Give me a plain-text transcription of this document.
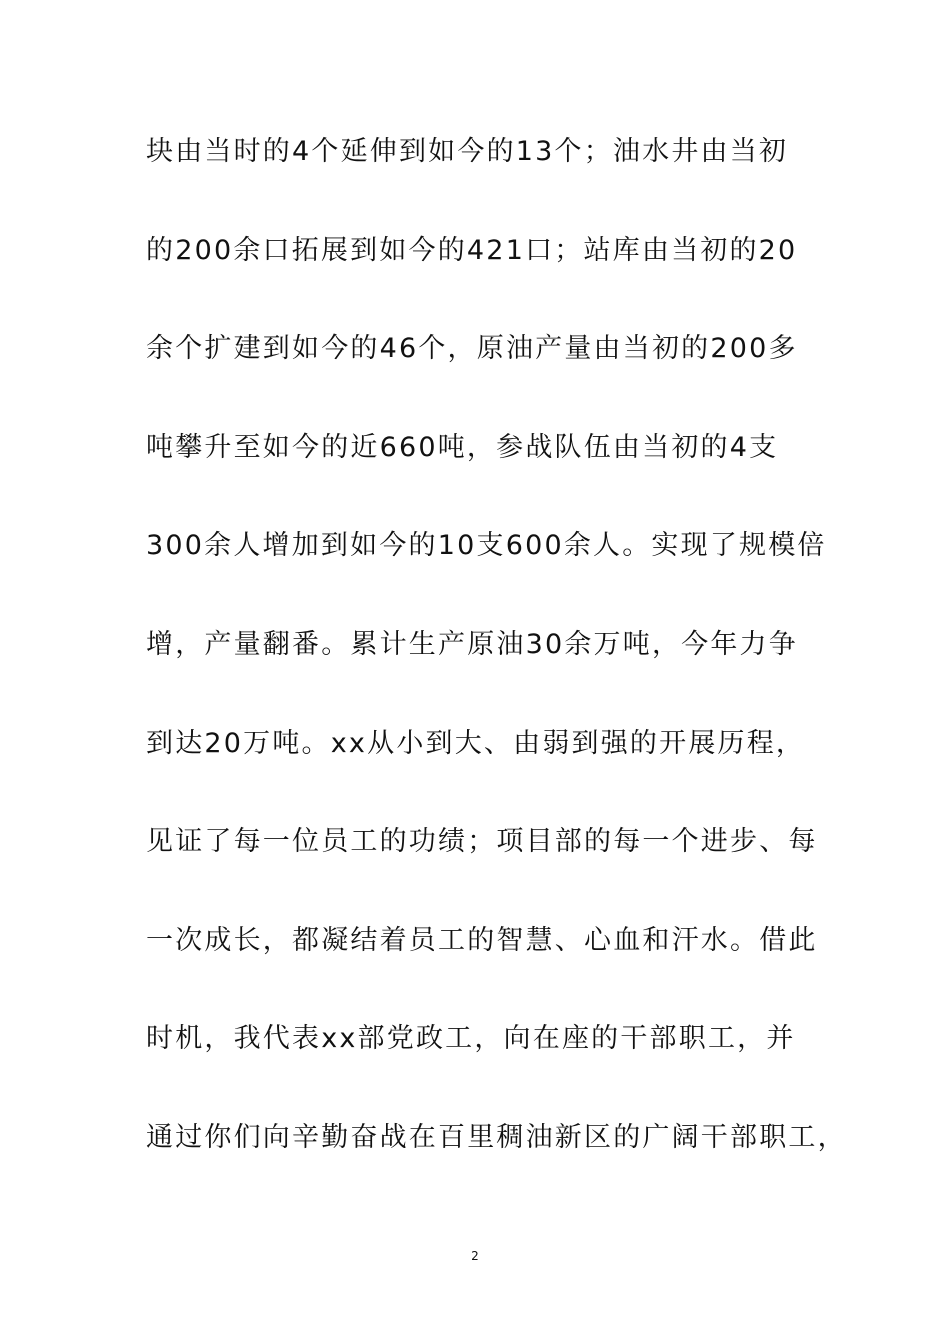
块由当时的4个延伸到如今的13个；油水井由当初
的200余口拓展到如今的421口；站库由当初的20
余个扩建到如今的46个，原油产量由当初的200多
吨攀升至如今的近660吨，参战队伍由当初的4支
300余人增加到如今的10支600余人。实现了规模倍
增，产量翻番。累计生产原油30余万吨，今年力争
到达20万吨。xx从小到大、由弱到强的开展历程，
见证了每一位员工的功绩；项目部的每一个进步、每
一次成长，都凝结着员工的智慧、心血和汗水。借此
时机，我代表xx部党政工，向在座的干部职工，并
通过你们向辛勤奋战在百里稠油新区的广阔干部职工，
2
